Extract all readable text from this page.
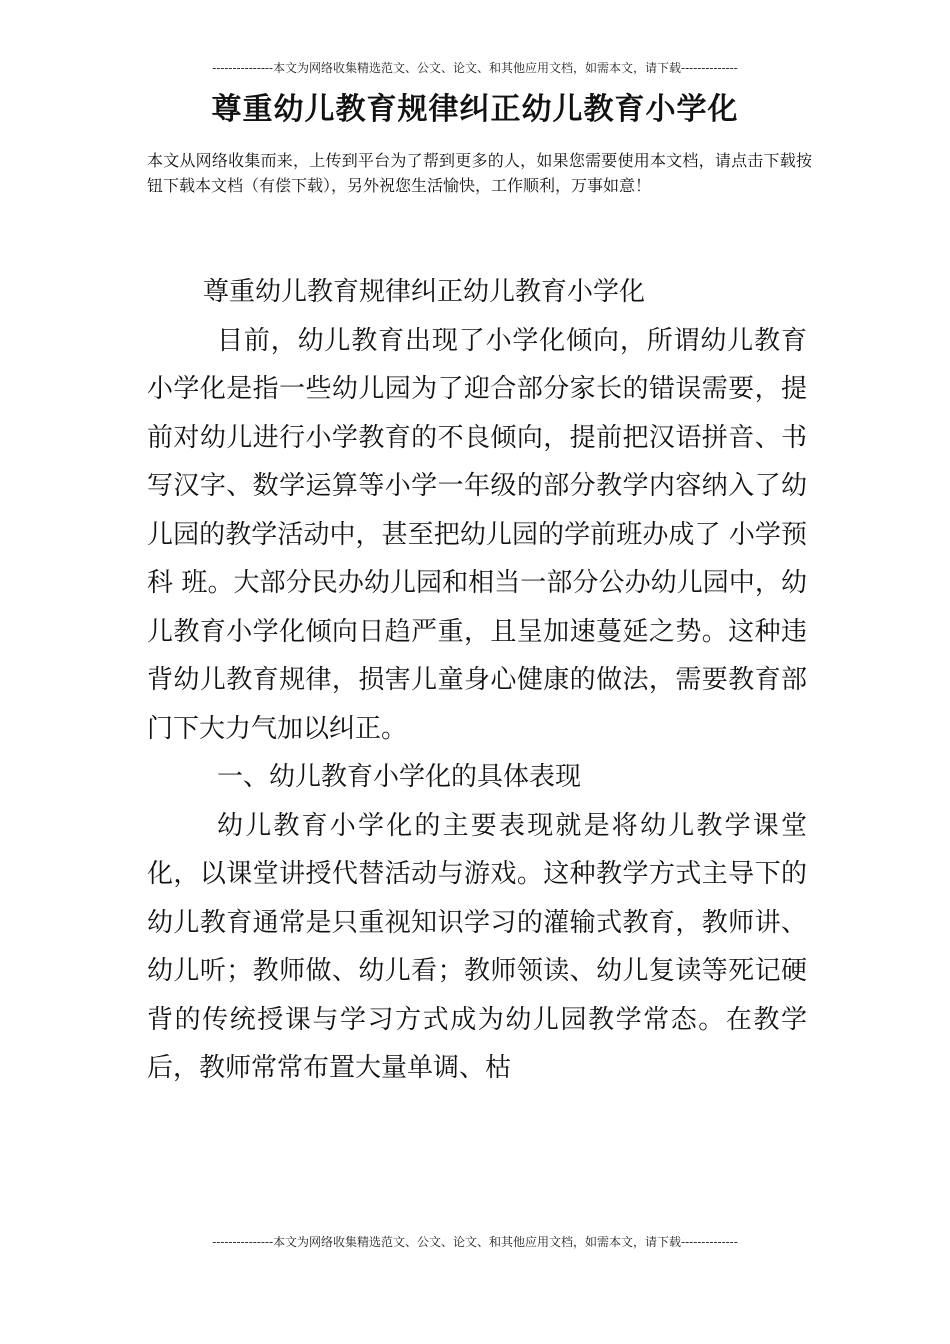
---------------本文为网络收集精选范文、公文、论文、和其他应用文档，如需本文，请下载--------------
尊重幼儿教育规律纠正幼儿教育小学化
本文从网络收集而来，上传到平台为了帮到更多的人，如果您需要使用本文档，请点击下载按钮下载本文档（有偿下载），另外祝您生活愉快，工作顺利，万事如意！

尊重幼儿教育规律纠正幼儿教育小学化

目前，幼儿教育出现了小学化倾向，所谓幼儿教育小学化是指一些幼儿园为了迎合部分家长的错误需要，提前对幼儿进行小学教育的不良倾向，提前把汉语拼音、书写汉字、数学运算等小学一年级的部分教学内容纳入了幼儿园的教学活动中，甚至把幼儿园的学前班办成了 小学预科 班。大部分民办幼儿园和相当一部分公办幼儿园中，幼儿教育小学化倾向日趋严重，且呈加速蔓延之势。这种违背幼儿教育规律，损害儿童身心健康的做法，需要教育部门下大力气加以纠正。

一、幼儿教育小学化的具体表现

幼儿教育小学化的主要表现就是将幼儿教学课堂化，以课堂讲授代替活动与游戏。这种教学方式主导下的幼儿教育通常是只重视知识学习的灌输式教育，教师讲、幼儿听；教师做、幼儿看；教师领读、幼儿复读等死记硬背的传统授课与学习方式成为幼儿园教学常态。在教学后，教师常常布置大量单调、枯

---------------本文为网络收集精选范文、公文、论文、和其他应用文档，如需本文，请下载--------------
